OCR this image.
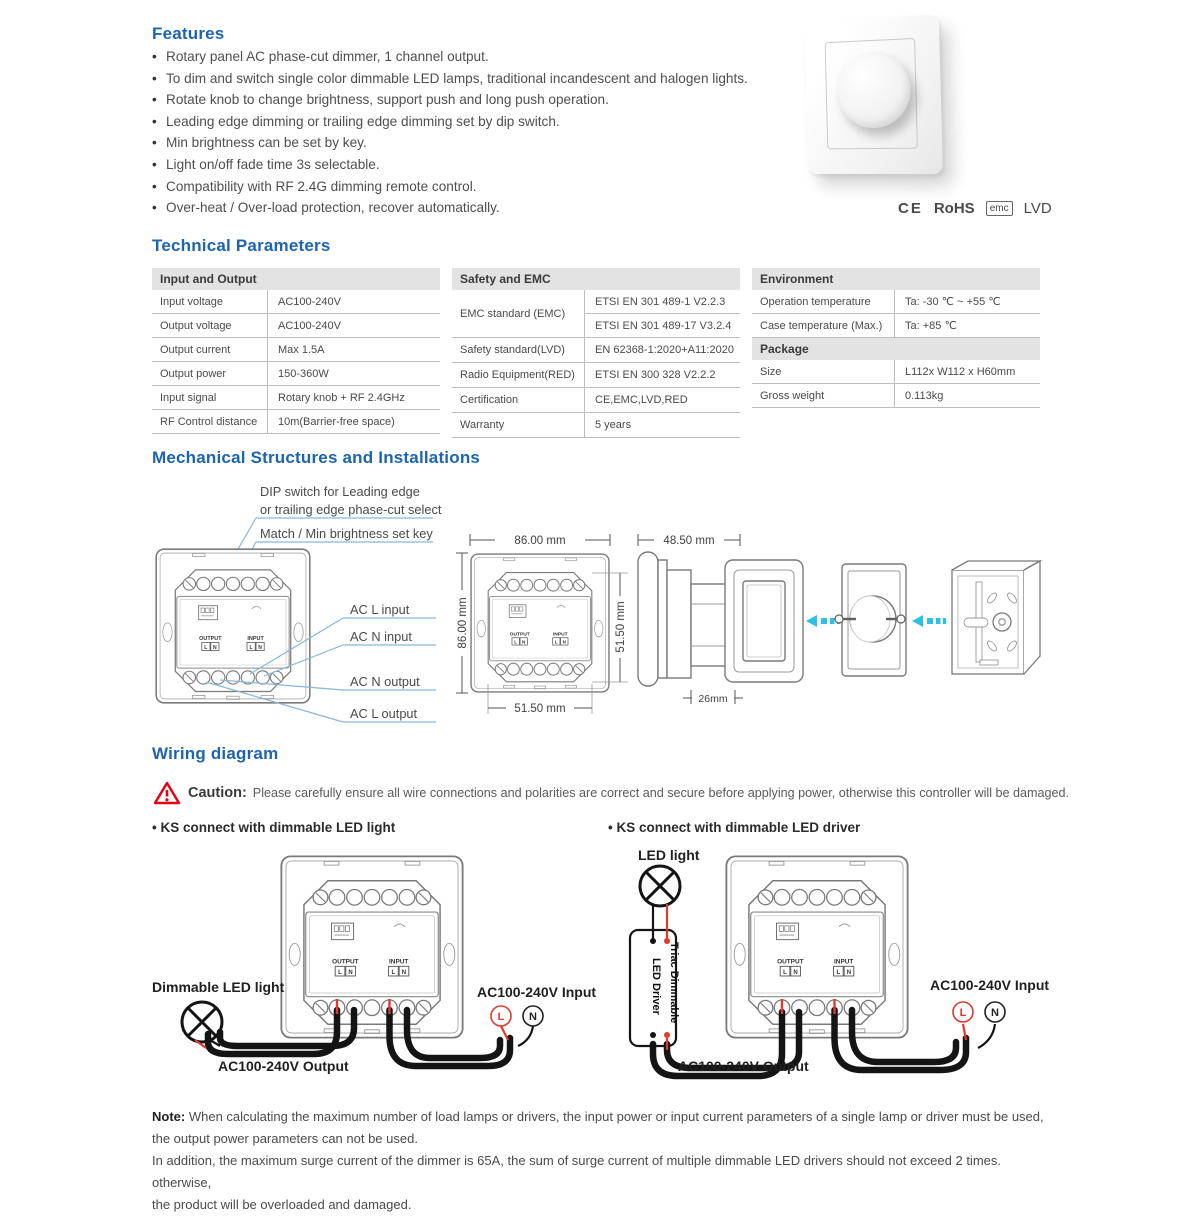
Features
• Rotary panel AC phase-cut dimmer, 1 channel output.
• To dim and switch single color dimmable LED lamps, traditional incandescent and halogen lights.
• Rotate knob to change brightness, support push and long push operation.
• Leading edge dimming or trailing edge dimming set by dip switch.
• Min brightness can be set by key.
• Light on/off fade time 3s selectable.
• Compatibility with RF 2.4G dimming remote control.
• Over-heat / Over-load protection, recover automatically.	CE RoHS	emc LVD
Technical Parameters
Input and Output
Input voltage	AC100-240V
Output voltage	AC100-240V
Output current	Max 1.5A
Output power	150-360W
Input signal	Rotary knob + RF 2.4GHz
RF Control distance	10m(Barrier-free space)
Safety and EMC
EMC standard (EMC)
ETSI EN 301 489-1 V2.2.3
ETSI EN 301 489-17 V3.2.4
Safety standard(LVD)	EN 62368-1:2020+A11:2020
Radio Equipment(RED)	ETSI EN 300 328 V2.2.2
Certification	CE,EMC,LVD,RED
Warranty	5 years
Environment
Operation temperature	Ta: -30 ℃ ~ +55 ℃
Case temperature (Max.)	Ta: +85 ℃
Package
Size	L112x W112 x H60mm
Gross weight	0.113kg
Mechanical Structures and Installations
DIP switch for Leading edge
or trailing edge phase-cut select
Match / Min brightness set key
AC L input
AC N input
AC N output
AC L output
86.00 mm
86.00 mm	51.50 mm
51.50 mm
48.50 mm
26mm
Wiring diagram
Caution: Please carefully ensure all wire connections and polarities are correct and secure before applying power, otherwise this controller will be damaged.
• KS connect with dimmable LED light	• KS connect with dimmable LED driver
Dimmable LED light
AC100-240V Output
AC100-240V Input
L N
LED light
Triac Dimmable
LED Driver
AC100-240V Output
AC100-240V Input
L N
Note: When calculating the maximum number of load lamps or drivers, the input power or input current parameters of a single lamp or driver must be used,
the output power parameters can not be used.
In addition, the maximum surge current of the dimmer is 65A, the sum of surge current of multiple dimmable LED drivers should not exceed 2 times. otherwise,
the product will be overloaded and damaged.
